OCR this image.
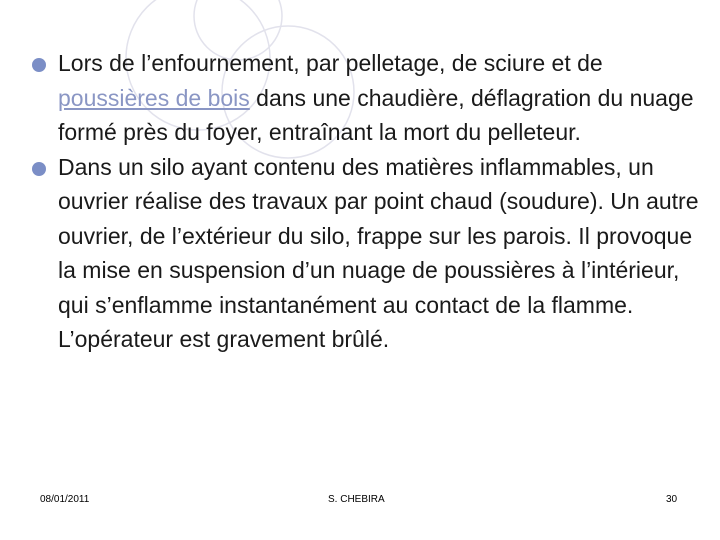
Lors de l’enfournement, par pelletage, de sciure et de poussières de bois dans une chaudière, déflagration du nuage formé près du foyer, entraînant la mort du pelleteur.
Dans un silo ayant contenu des matières inflammables, un ouvrier réalise des travaux par point chaud (soudure). Un autre ouvrier, de l’extérieur du silo, frappe sur les parois. Il provoque la mise en suspension d’un nuage de poussières à l’intérieur, qui s’enflamme instantanément au contact de la flamme. L’opérateur est gravement brûlé.
08/01/2011	S. CHEBIRA	30
